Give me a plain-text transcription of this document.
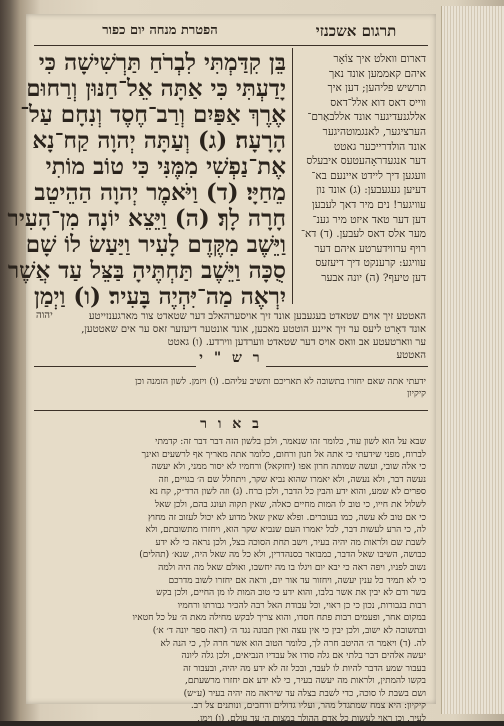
תרגום אשכנזי
הפטרת מנחה יום כפור
דארום וואלט איך צוֿאָר
איהם קאממען אונד נאך
תרשיש פליהען; דען איך
ווייס דאס דוא אלל־דאס
אללגנעדיגער אונד אללבאַרם־
הערציגער, לאנגמוטהיגער
אונד הולדרייכער גאטט
דער אנגעדראָהעטעס איבעלס
וועגען דיך ליידט איינעם בא־
דעיען געגעבען: (ג) אונד נון
עוויגער! נים מיר דאך לעבען
דען דער טאד איזט מיר גענ־
מער אלס דאס לעבען. (ד) דא־
רויף ערווידערטע איהם דער
עוויגע: קרענקט דיך דיעזעס
דען טיעף? (ה) יונה אבער
בֵּן קִדַּמְתִּי לִבְרֹחַ תַּרְשִׁישָׁה כִּי
יָדַעְתִּי כִּי אַתָּה אֵל־חַנּוּן וְרַחוּם
אֶרֶךְ אַפַּיִם וְרַב־חֶסֶד וְנִחָם עַל־
הָרָעָה׃ (ג) וְעַתָּה יְהוָה קַח־נָא
אֶת־נַפְשִׁי מִמֶּנִּי כִּי טוֹב מוֹתִי
מֵחַיָּי׃ (ד) וַיֹּאמֶר יְהוָה הַהֵיטֵב
חָרָה לָךְ׃ (ה) וַיֵּצֵא יוֹנָה מִן־הָעִיר
וַיֵּשֶׁב מִקֶּדֶם לָעִיר וַיַּעַשׂ לוֹ שָׁם
סֻכָּה וַיֵּשֶׁב תַּחְתֶּיהָ בַּצֵּל עַד אֲשֶׁר
יִרְאֶה מַה־יִּהְיֶה בָּעִיר׃ (ו) וַיְמַן
יהוה	האטטע זיך אוים שטאדט בעגעבען אונד זיך אויסערהאלב דער שטאדט צור מארגענזייטע
אונד דאָרט ליעס ער זיך איינע הוטטע מאכען, אונד אונטער דיעזער זאס ער אים שאטטען,
ער ווארטעטע אב וואס אויס דער שטאדט ווערדען ווירדע. (ו) גאטט
האטטע
ר ש " י
ידעתי אתה שאם יחזרו בתשובה לא תאריכם ותשיב עליהם. (ו) ויזמן. לשון הזמנה וכן
קיקיון
ב א ו ר
שבא על הוא לשון עוד, כלומר זהו שנאמר, ולכן בלשון הזה דבר דבר זה: קדמתי
לברוח, מפני שידעתי כי אתה אל חנון ורחום, כלומר אתה מאריך אף לרשעים ואינך
כי אלה שובי, ועשה שמותה חרון אפו (יחזקאל) ורחמיו לא יסור ממני, ולא יעשה
נעשה דבר, ולא נעשה, ולא יאמרו שהוא נביא שקר, ויתחלל שם ה׳ בגויים, וזה
ספרים לא שמע, והוא ידע והבין כל הדבר, ולכן ברח. (ג) וזה לשון הרד״ק, קח נא
לשלול את חייו, כי טוב לו המות מחיים כאלה, שאין תקוה ועונג בהם, ולכן שאל
כי אם טוב לא עשה, כמו בעוברים. ופלא שאין שאל מדוע לא יכול לעזוב זה מחוץ
לה, כי הרע לעשות דבר, לבל יאמרו העם שנביא שקר הוא, ויחזרו מתשובתם, ולא
לשבת שם ולראות מה יהיה בעיר, וישב תחת הסוכה בצל, ולכן נראה כי לא ידע
כבושה, השיבו שאל הדבר, כמבואר בסנהדרין, ולא כל מה שאל היה, שנא׳ (תהלים)
נשוב לפניו, ויפה ראה כי יבא יום ויגלו בו מה יחשבו, ואולם שאל מה היה ולמה
כי לא תמיד כל ענין יעשה, ויחזור עד אור יום, וראה אם יחזרו לשוב מדרכם
בשר ודם לא יבין את אשר בלבו, והוא ידע כי טוב המות לו מן החיים, ולכן בקש
רבות בגבורות, נכון כי כן ראוי, וכל עבודת האל רבה להכיר גבורתו ורחמיו
במקום אחר, ופעמים רבות פתח חסדו, והוא צריך לבקש מחילה מאת ה׳ על כל חטאיו
ובתשובה לא ישוב, ולכן יבין כי אין עצה ואין תבונה נגד ה׳ (ראה ספר יונה ד׳ א׳)
לה. (ד) ויאמר ה׳ ההיטב חרה לך, כלומר הטוב הוא אשר חרה לך, כי הנה לא
יעשה אלהים דבר בלתי אם גלה סודו אל עבדיו הנביאים, ולכן גלה ליונה
בעבור שמע הדבר להיות לו לעבד, ובכל זה לא ידע מה יהיה, ובעבור זה
בקשו להמתין, ולראות מה יעשה בעיר, כי לא ידע אם יחזרו מרשעתם,
ושם בשבת לו סוכה, כדי לשבת בצלה עד שיראה מה יהיה בעיר (ע״ש)
קיקיון: היא צמח שמתגדל מהר, ועליו גדולים ורחבים, ונותנים צל רב.
לעיר, וכן ראוי לעשות כל אדם ההולך במצות ה׳ עד עולם. (ו) וימן,
